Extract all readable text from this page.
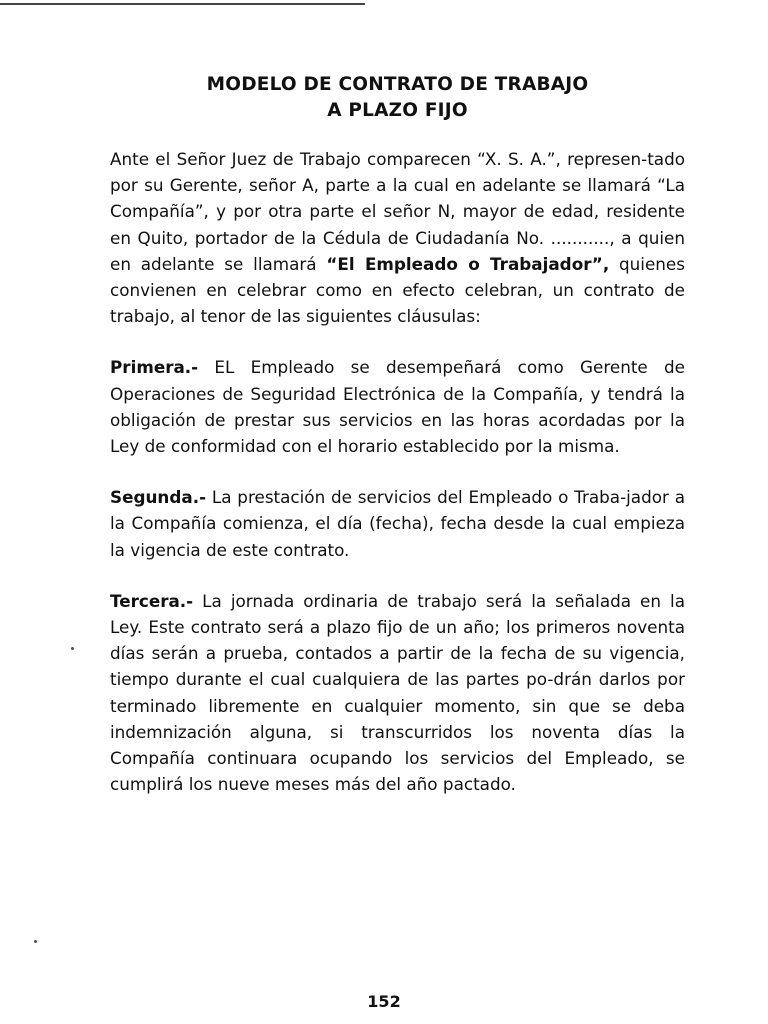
MODELO DE CONTRATO DE TRABAJO
A PLAZO FIJO

Ante el Señor Juez de Trabajo comparecen “X. S. A.”, represen-tado por su Gerente, señor A, parte a la cual en adelante se llamará “La Compañía”, y por otra parte el señor N, mayor de edad, residente en Quito, portador de la Cédula de Ciudadanía No. ..........., a quien en adelante se llamará “El Empleado o Trabajador”, quienes convienen en celebrar como en efecto celebran, un contrato de trabajo, al tenor de las siguientes cláusulas:

Primera.- EL Empleado se desempeñará como Gerente de Operaciones de Seguridad Electrónica de la Compañía, y tendrá la obligación de prestar sus servicios en las horas acordadas por la Ley de conformidad con el horario establecido por la misma.

Segunda.- La prestación de servicios del Empleado o Traba-jador a la Compañía comienza, el día (fecha), fecha desde la cual empieza la vigencia de este contrato.

Tercera.- La jornada ordinaria de trabajo será la señalada en la Ley. Este contrato será a plazo fijo de un año; los primeros noventa días serán a prueba, contados a partir de la fecha de su vigencia, tiempo durante el cual cualquiera de las partes po-drán darlos por terminado libremente en cualquier momento, sin que se deba indemnización alguna, si transcurridos los noventa días la Compañía continuara ocupando los servicios del Empleado, se cumplirá los nueve meses más del año pactado.

152
